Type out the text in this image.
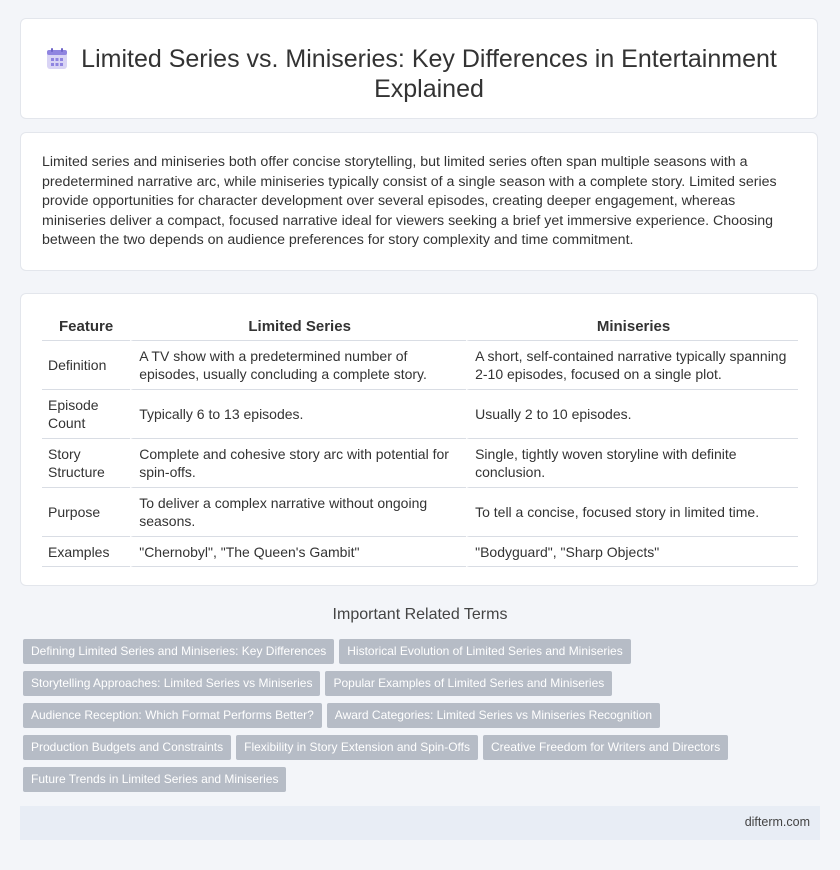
Limited Series vs. Miniseries: Key Differences in Entertainment Explained

Limited series and miniseries both offer concise storytelling, but limited series often span multiple seasons with a predetermined narrative arc, while miniseries typically consist of a single season with a complete story. Limited series provide opportunities for character development over several episodes, creating deeper engagement, whereas miniseries deliver a compact, focused narrative ideal for viewers seeking a brief yet immersive experience. Choosing between the two depends on audience preferences for story complexity and time commitment.

Feature	Limited Series	Miniseries
Definition	A TV show with a predetermined number of episodes, usually concluding a complete story.	A short, self-contained narrative typically spanning 2-10 episodes, focused on a single plot.
Episode Count	Typically 6 to 13 episodes.	Usually 2 to 10 episodes.
Story Structure	Complete and cohesive story arc with potential for spin-offs.	Single, tightly woven storyline with definite conclusion.
Purpose	To deliver a complex narrative without ongoing seasons.	To tell a concise, focused story in limited time.
Examples	"Chernobyl", "The Queen's Gambit"	"Bodyguard", "Sharp Objects"
Important Related Terms
Defining Limited Series and Miniseries: Key Differences Historical Evolution of Limited Series and Miniseries
Storytelling Approaches: Limited Series vs Miniseries Popular Examples of Limited Series and Miniseries
Audience Reception: Which Format Performs Better? Award Categories: Limited Series vs Miniseries Recognition
Production Budgets and Constraints Flexibility in Story Extension and Spin-Offs Creative Freedom for Writers and Directors
Future Trends in Limited Series and Miniseries
difterm.com
